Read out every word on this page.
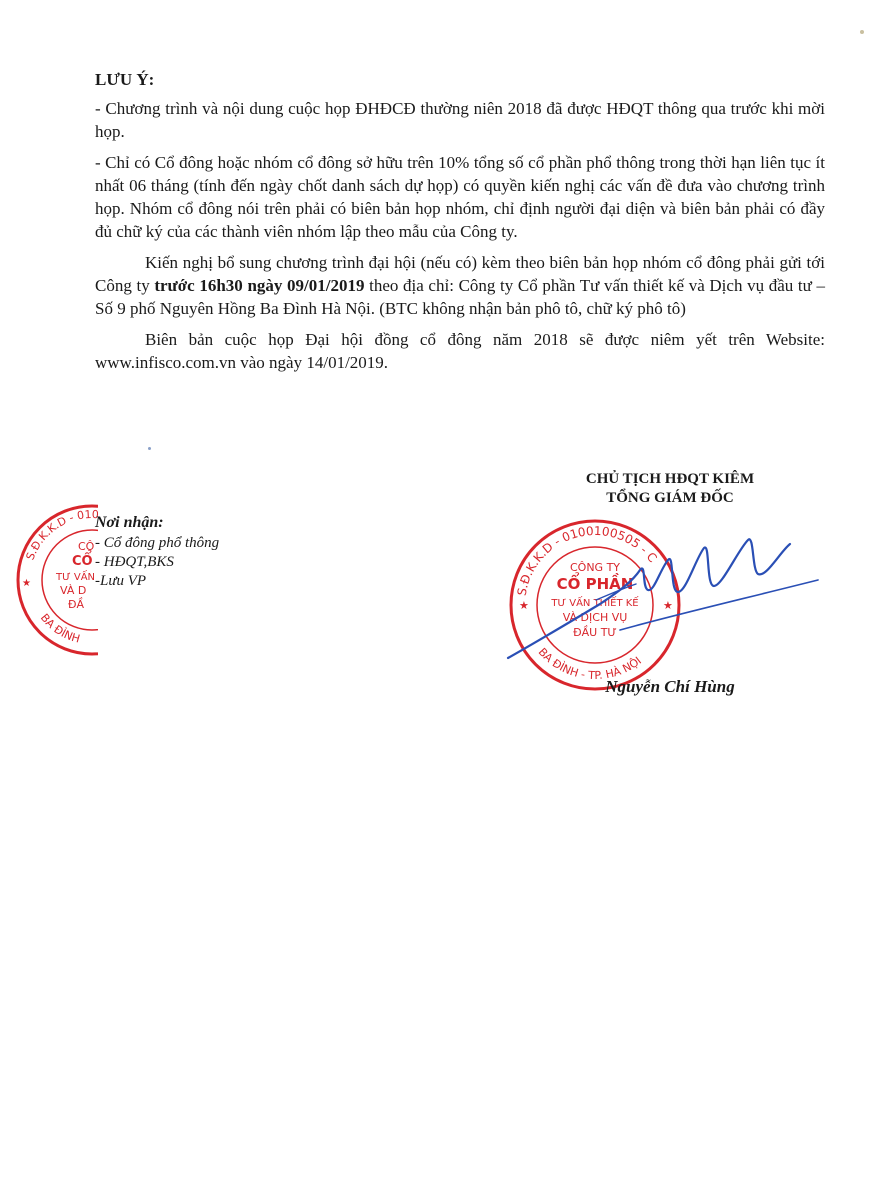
LƯU Ý:

- Chương trình và nội dung cuộc họp ĐHĐCĐ thường niên 2018 đã được HĐQT thông qua trước khi mời họp.

- Chỉ có Cổ đông hoặc nhóm cổ đông sở hữu trên 10% tổng số cổ phần phổ thông trong thời hạn liên tục ít nhất 06 tháng (tính đến ngày chốt danh sách dự họp) có quyền kiến nghị các vấn đề đưa vào chương trình họp. Nhóm cổ đông nói trên phải có biên bản họp nhóm, chỉ định người đại diện và biên bản phải có đầy đủ chữ ký của các thành viên nhóm lập theo mẫu của Công ty.

Kiến nghị bổ sung chương trình đại hội (nếu có) kèm theo biên bản họp nhóm cổ đông phải gửi tới Công ty trước 16h30 ngày 09/01/2019 theo địa chỉ: Công ty Cổ phần Tư vấn thiết kế và Dịch vụ đầu tư – Số 9 phố Nguyên Hồng Ba Đình Hà Nội. (BTC không nhận bản phô tô, chữ ký phô tô)

Biên bản cuộc họp Đại hội đồng cổ đông năm 2018 sẽ được niêm yết trên Website: www.infisco.com.vn vào ngày 14/01/2019.

S.Đ.K.K.D - 010
BA ĐÌNH
CÔ
CỔ
TƯ VẤN
VÀ D
ĐẦ
★
Nơi nhận:
- Cổ đông phổ thông
- HĐQT,BKS
-Lưu VP
CHỦ TỊCH HĐQT KIÊM
TỔNG GIÁM ĐỐC
S.Đ.K.K.D - 0100100505 - C
BA ĐÌNH - TP. HÀ NỘI
CÔNG TY
CỔ PHẦN
TƯ VẤN THIẾT KẾ
VÀ DỊCH VỤ
ĐẦU TƯ
★	★
Nguyễn Chí Hùng
